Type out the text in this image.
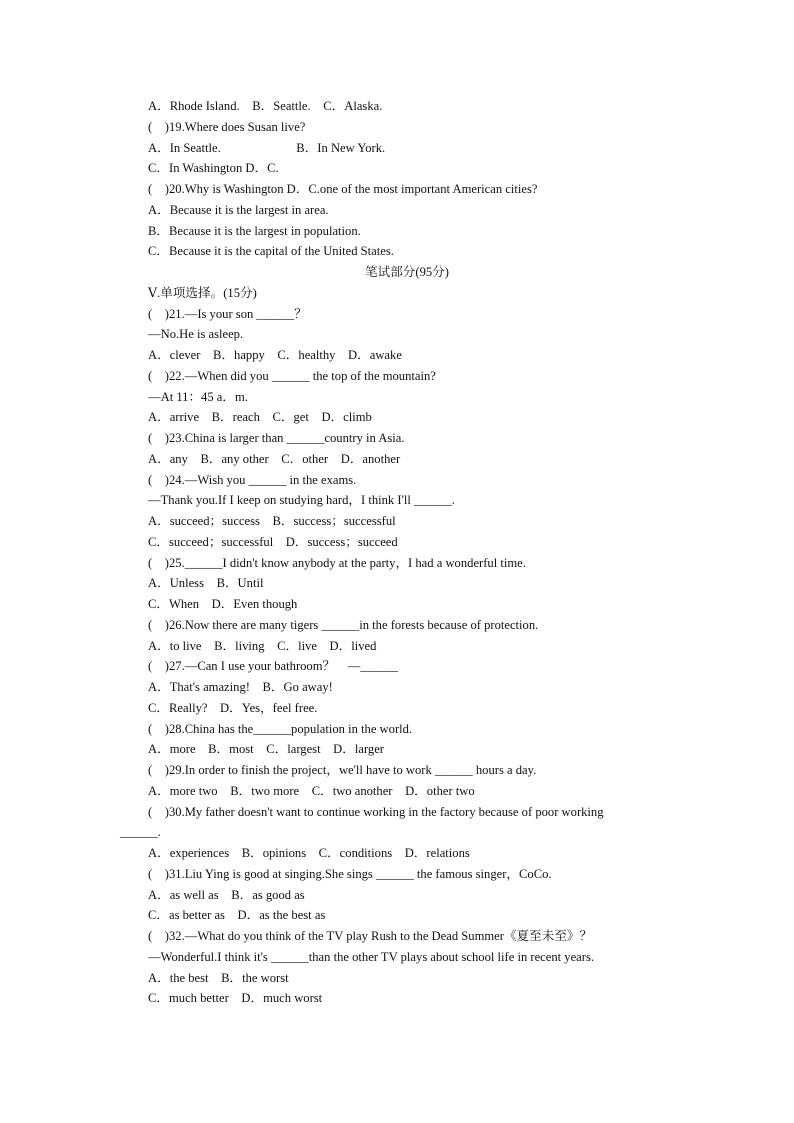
A．Rhode Island.    B．Seattle.    C．Alaska.
(    )19.Where does Susan live?
A．In Seattle.                        B．In New York.
C．In Washington D．C.
(    )20.Why is Washington D．C.one of the most important American cities?
A．Because it is the largest in area.
B．Because it is the largest in population.
C．Because it is the capital of the United States.
笔试部分(95分)
Ⅴ.单项选择。(15分)
(    )21.—Is your son ______？
—No.He is asleep.
A．clever    B．happy    C．healthy    D．awake
(    )22.—When did you ______ the top of the mountain?
—At 11：45 a．m.
A．arrive    B．reach    C．get    D．climb
(    )23.China is larger than ______country in Asia.
A．any    B．any other    C．other    D．another
(    )24.—Wish you ______ in the exams.
—Thank you.If I keep on studying hard，I think I'll ______.
A．succeed；success    B．success；successful
C．succeed；successful    D．success；succeed
(    )25.______I didn't know anybody at the party，I had a wonderful time.
A．Unless    B．Until
C．When    D．Even though
(    )26.Now there are many tigers ______in the forests because of protection.
A．to live    B．living    C．live    D．lived
(    )27.—Can I use your bathroom？    —______
A．That's amazing!    B．Go away!
C．Really?    D．Yes，feel free.
(    )28.China has the______population in the world.
A．more    B．most    C．largest    D．larger
(    )29.In order to finish the project，we'll have to work ______ hours a day.
A．more two    B．two more    C．two another    D．other two
(    )30.My father doesn't want to continue working in the factory because of poor working
______.
A．experiences    B．opinions    C．conditions    D．relations
(    )31.Liu Ying is good at singing.She sings ______ the famous singer，CoCo.
A．as well as    B．as good as
C．as better as    D．as the best as
(    )32.—What do you think of the TV play Rush to the Dead Summer《夏至未至》？
—Wonderful.I think it's ______than the other TV plays about school life in recent years.
A．the best    B．the worst
C．much better    D．much worst
